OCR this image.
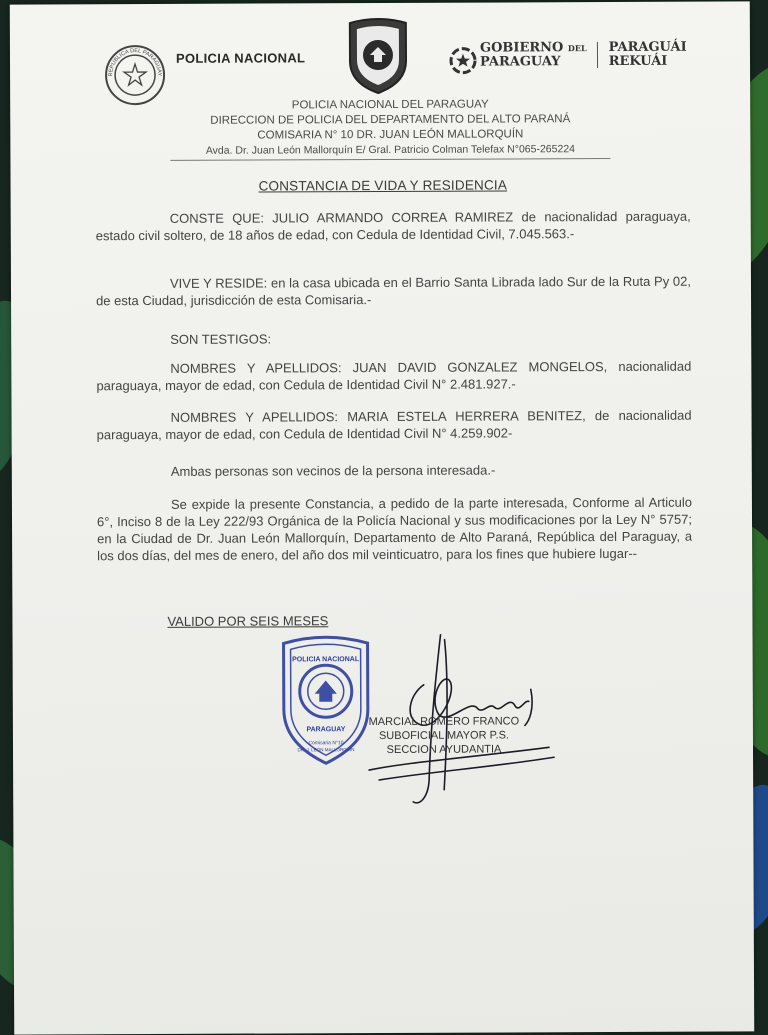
REPUBLICA DEL PARAGUAY
POLICIA NACIONAL
GOBIERNO DEL
PARAGUAY

PARAGUÁI
REKUÁI
POLICIA NACIONAL DEL PARAGUAY
DIRECCION DE POLICIA DEL DEPARTAMENTO DEL ALTO PARANÁ
COMISARIA N° 10 DR. JUAN LEÓN MALLORQUÍN
Avda. Dr. Juan León Mallorquín E/ Gral. Patricio Colman Telefax N°065-265224
CONSTANCIA DE VIDA Y RESIDENCIA
CONSTE QUE: JULIO ARMANDO CORREA RAMIREZ de nacionalidad paraguaya, estado civil soltero, de 18 años de edad, con Cedula de Identidad Civil, 7.045.563.-
VIVE Y RESIDE: en la casa ubicada en el Barrio Santa Librada lado Sur de la Ruta Py 02, de esta Ciudad, jurisdicción de esta Comisaria.-
SON TESTIGOS:
NOMBRES Y APELLIDOS: JUAN DAVID GONZALEZ MONGELOS, nacionalidad paraguaya, mayor de edad, con Cedula de Identidad Civil N° 2.481.927.-
NOMBRES Y APELLIDOS: MARIA ESTELA HERRERA BENITEZ, de nacionalidad paraguaya, mayor de edad, con Cedula de Identidad Civil N° 4.259.902-
Ambas personas son vecinos de la persona interesada.-
Se expide la presente Constancia, a pedido de la parte interesada, Conforme al Articulo 6°, Inciso 8 de la Ley 222/93 Orgánica de la Policía Nacional y sus modificaciones por la Ley N° 5757; en la Ciudad de Dr. Juan León Mallorquín, Departamento de Alto Paraná, República del Paraguay, a los dos días, del mes de enero, del año dos mil veinticuatro, para los fines que hubiere lugar--
VALIDO POR SEIS MESES
POLICIA NACIONAL
PARAGUAY
Comisaria N°10
DR. J. LEÓN MALLORQUÍN
MARCIAL ROMERO FRANCO
SUBOFICIAL MAYOR P.S.
SECCION AYUDANTIA
